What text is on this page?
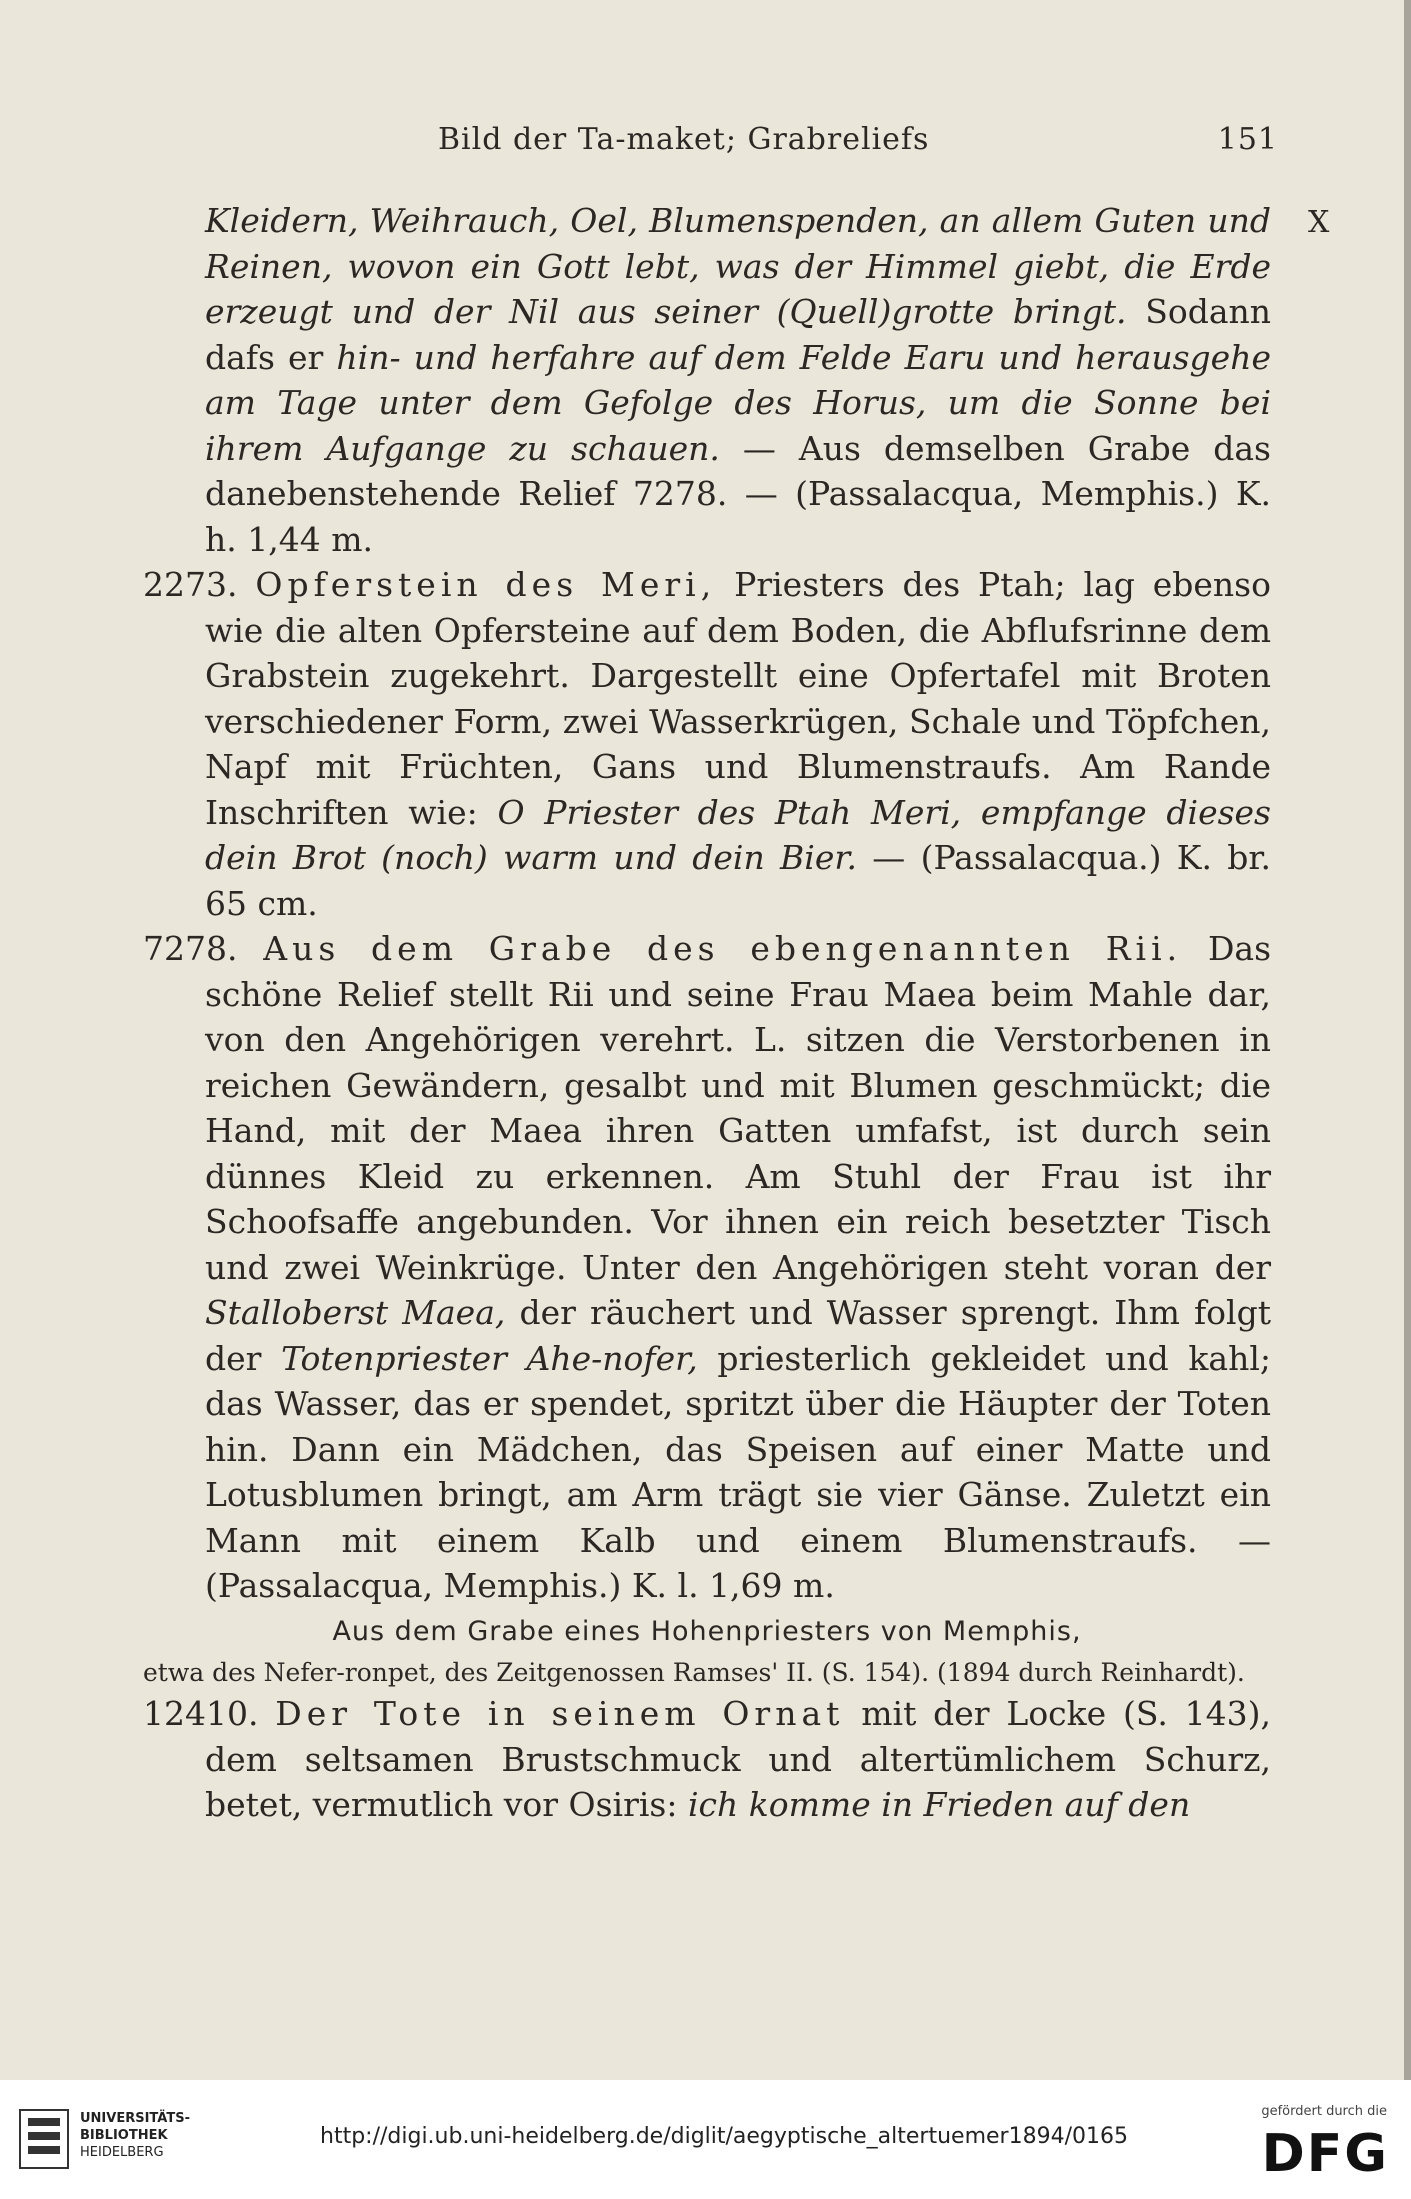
Bild der Ta-maket; Grabreliefs	151
X

Kleidern, Weihrauch, Oel, Blumenspenden, an allem Guten und Reinen, wovon ein Gott lebt, was der Himmel giebt, die Erde erzeugt und der Nil aus seiner (Quell)grotte bringt. Sodann dafs er hin- und herfahre auf dem Felde Earu und herausgehe am Tage unter dem Gefolge des Horus, um die Sonne bei ihrem Aufgange zu schauen. — Aus demselben Grabe das danebenstehende Relief 7278. — (Passalacqua, Memphis.) K. h. 1,44 m.

2273. Opferstein des Meri, Priesters des Ptah; lag ebenso wie die alten Opfersteine auf dem Boden, die Abflufsrinne dem Grabstein zugekehrt. Dargestellt eine Opfertafel mit Broten verschiedener Form, zwei Wasserkrügen, Schale und Töpfchen, Napf mit Früchten, Gans und Blumenstraufs. Am Rande Inschriften wie: O Priester des Ptah Meri, empfange dieses dein Brot (noch) warm und dein Bier. — (Passalacqua.) K. br. 65 cm.

7278. Aus dem Grabe des ebengenannten Rii. Das schöne Relief stellt Rii und seine Frau Maea beim Mahle dar, von den Angehörigen verehrt. L. sitzen die Verstorbenen in reichen Gewändern, gesalbt und mit Blumen geschmückt; die Hand, mit der Maea ihren Gatten umfafst, ist durch sein dünnes Kleid zu erkennen. Am Stuhl der Frau ist ihr Schoofsaffe angebunden. Vor ihnen ein reich besetzter Tisch und zwei Weinkrüge. Unter den Angehörigen steht voran der Stalloberst Maea, der räuchert und Wasser sprengt. Ihm folgt der Totenpriester Ahe-nofer, priesterlich gekleidet und kahl; das Wasser, das er spendet, spritzt über die Häupter der Toten hin. Dann ein Mädchen, das Speisen auf einer Matte und Lotusblumen bringt, am Arm trägt sie vier Gänse. Zuletzt ein Mann mit einem Kalb und einem Blumenstraufs. — (Passalacqua, Memphis.) K. l. 1,69 m.

Aus dem Grabe eines Hohenpriesters von Memphis,

etwa des Nefer-ronpet, des Zeitgenossen Ramses' II. (S. 154). (1894 durch Reinhardt).

12410. Der Tote in seinem Ornat mit der Locke (S. 143), dem seltsamen Brustschmuck und altertümlichem Schurz, betet, vermutlich vor Osiris: ich komme in Frieden auf den

UNIVERSITÄTS-
BIBLIOTHEK
HEIDELBERG
http://digi.ub.uni-heidelberg.de/diglit/aegyptische_altertuemer1894/0165
gefördert durch die
DFG
